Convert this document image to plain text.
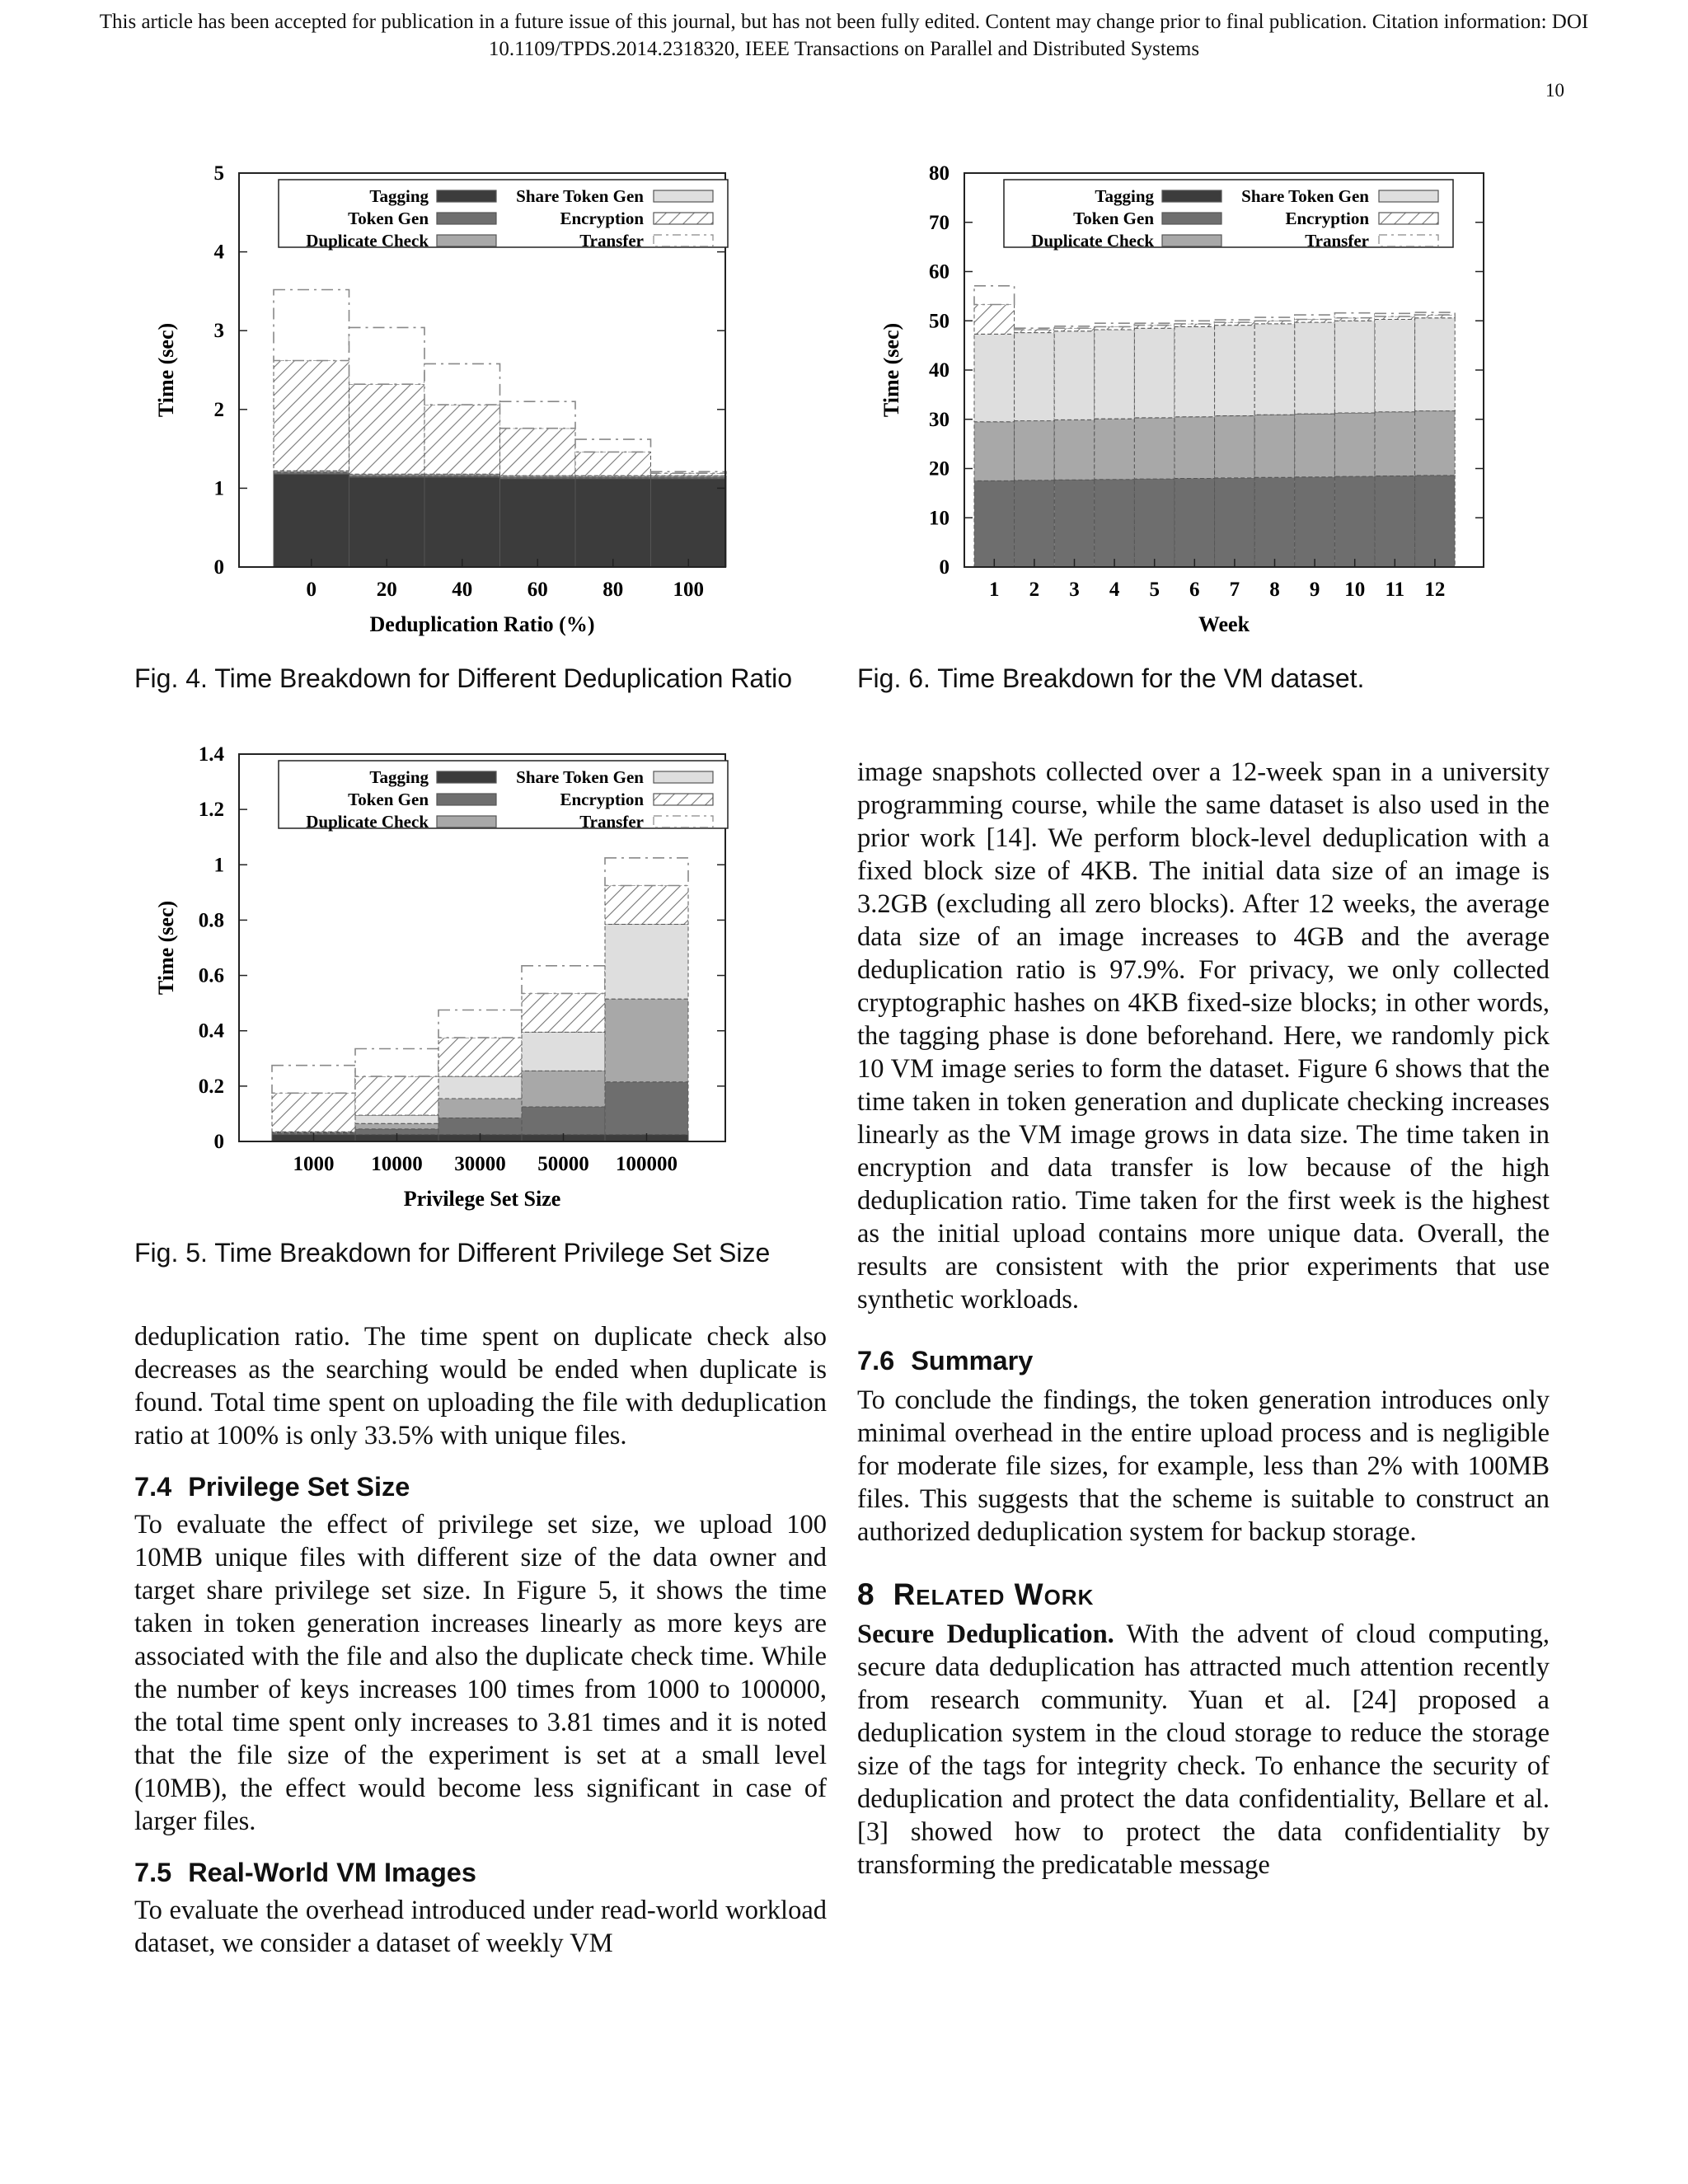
This article has been accepted for publication in a future issue of this journal, but has not been fully edited. Content may change prior to final publication. Citation information: DOI 10.1109/TPDS.2014.2318320, IEEE Transactions on Parallel and Distributed Systems
10
0
1
2
3
4
5
0	20	40	60	80 100
Deduplication Ratio (%)
Time (sec)
Tagging
Token Gen
Duplicate Check
Share Token Gen
Encryption
Transfer
Fig. 4. Time Breakdown for Different Deduplication Ratio
0
10
20
30
40
50
60
70
80
1 2 3 4 5 6 7 8 9 10 11 12
Week
Time (sec)
Tagging
Token Gen
Duplicate Check
Share Token Gen
Encryption
Transfer
Fig. 6. Time Breakdown for the VM dataset.
0
0.2
0.4
0.6
0.8
1
1.2
1.4
1000 10000 30000 50000 100000
Privilege Set Size
Time (sec)
Tagging
Token Gen
Duplicate Check
Share Token Gen
Encryption
Transfer
Fig. 5. Time Breakdown for Different Privilege Set Size

deduplication ratio. The time spent on duplicate check also decreases as the searching would be ended when duplicate is found. Total time spent on uploading the file with deduplication ratio at 100% is only 33.5% with unique files.

7.4 Privilege Set Size

To evaluate the effect of privilege set size, we upload 100 10MB unique files with different size of the data owner and target share privilege set size. In Figure 5, it shows the time taken in token generation increases linearly as more keys are associated with the file and also the duplicate check time. While the number of keys increases 100 times from 1000 to 100000, the total time spent only increases to 3.81 times and it is noted that the file size of the experiment is set at a small level (10MB), the effect would become less significant in case of larger files.

7.5 Real-World VM Images

To evaluate the overhead introduced under read-world workload dataset, we consider a dataset of weekly VM

image snapshots collected over a 12-week span in a university programming course, while the same dataset is also used in the prior work [14]. We perform block-level deduplication with a fixed block size of 4KB. The initial data size of an image is 3.2GB (excluding all zero blocks). After 12 weeks, the average data size of an image increases to 4GB and the average deduplication ratio is 97.9%. For privacy, we only collected cryptographic hashes on 4KB fixed-size blocks; in other words, the tagging phase is done beforehand. Here, we randomly pick 10 VM image series to form the dataset. Figure 6 shows that the time taken in token generation and duplicate checking increases linearly as the VM image grows in data size. The time taken in encryption and data transfer is low because of the high deduplication ratio. Time taken for the first week is the highest as the initial upload contains more unique data. Overall, the results are consistent with the prior experiments that use synthetic workloads.

7.6 Summary

To conclude the findings, the token generation introduces only minimal overhead in the entire upload process and is negligible for moderate file sizes, for example, less than 2% with 100MB files. This suggests that the scheme is suitable to construct an authorized deduplication system for backup storage.

8 Related Work

Secure Deduplication. With the advent of cloud computing, secure data deduplication has attracted much attention recently from research community. Yuan et al. [24] proposed a deduplication system in the cloud storage to reduce the storage size of the tags for integrity check. To enhance the security of deduplication and protect the data confidentiality, Bellare et al. [3] showed how to protect the data confidentiality by transforming the predicatable message
